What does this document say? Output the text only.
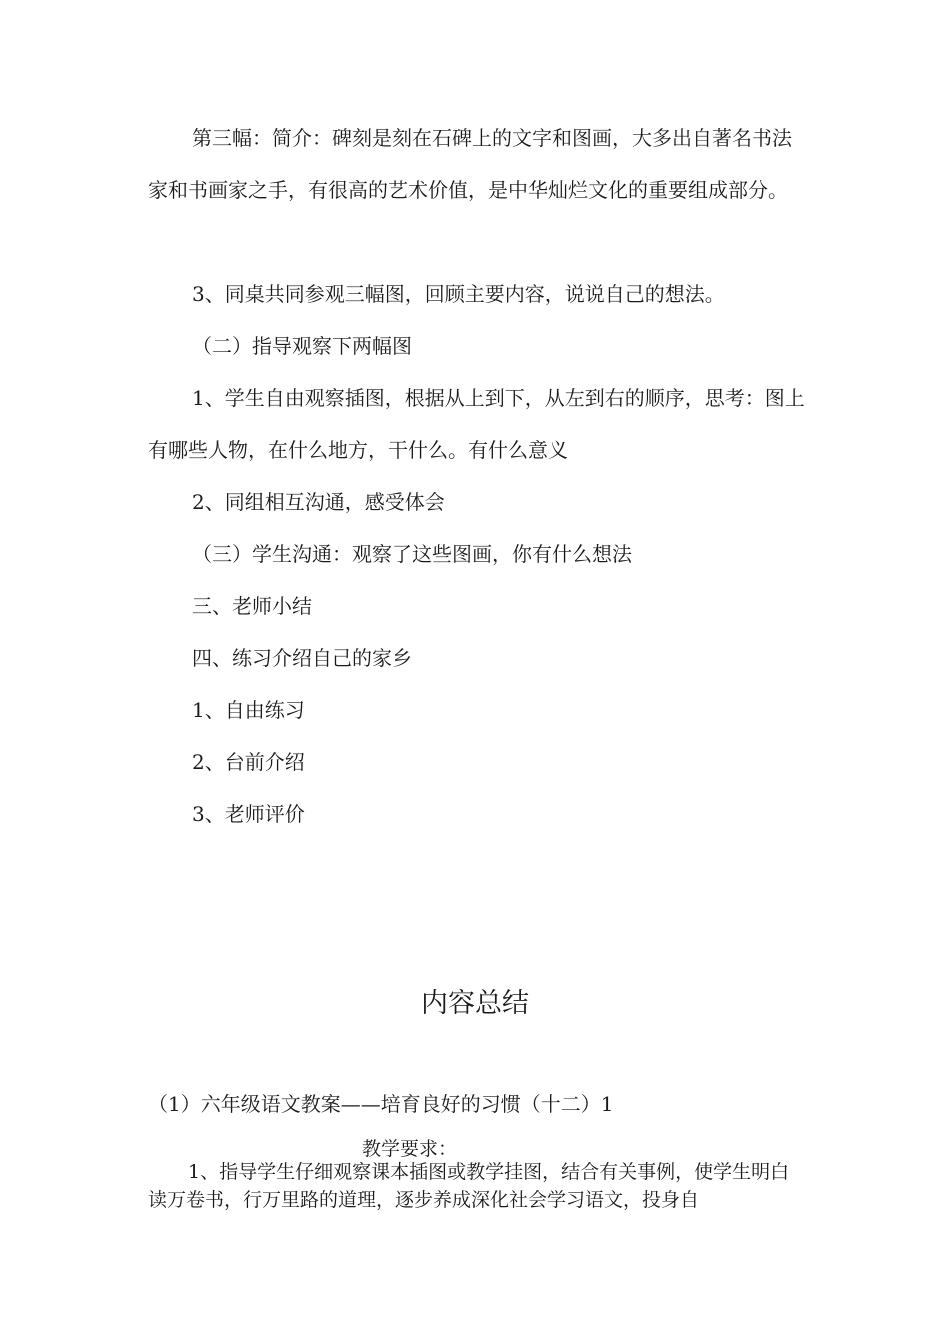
第三幅：简介：碑刻是刻在石碑上的文字和图画，大多出自著名书法家和书画家之手，有很高的艺术价值，是中华灿烂文化的重要组成部分。

3、同桌共同参观三幅图，回顾主要内容，说说自己的想法。

（二）指导观察下两幅图

1、学生自由观察插图，根据从上到下，从左到右的顺序，思考：图上有哪些人物，在什么地方，干什么。有什么意义

2、同组相互沟通，感受体会

（三）学生沟通：观察了这些图画，你有什么想法

三、老师小结

四、练习介绍自己的家乡

1、自由练习

2、台前介绍

3、老师评价

内容总结

（1）六年级语文教案——培育良好的习惯（十二）1

教学要求：

1、指导学生仔细观察课本插图或教学挂图，结合有关事例，使学生明白读万卷书，行万里路的道理，逐步养成深化社会学习语文，投身自
